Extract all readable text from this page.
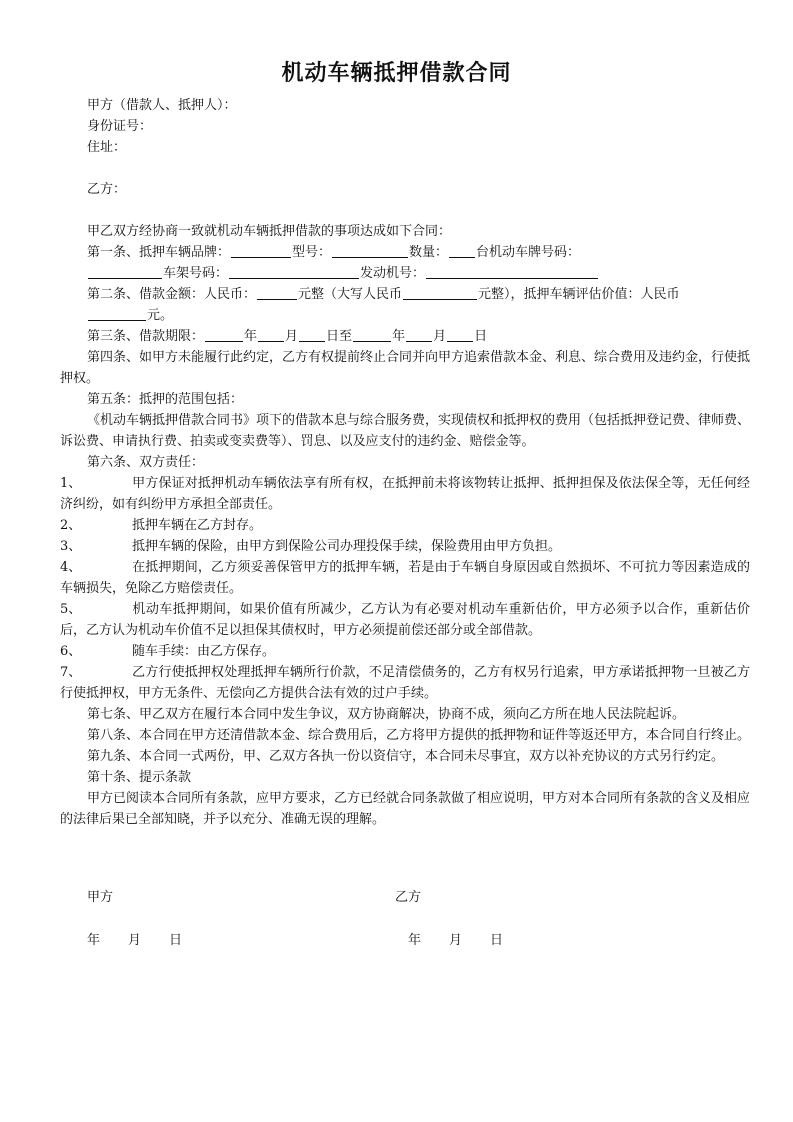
机动车辆抵押借款合同
甲方（借款人、抵押人）：
身份证号：
住址：
乙方：
甲乙双方经协商一致就机动车辆抵押借款的事项达成如下合同：
第一条、抵押车辆品牌：	型号：	数量： 台机动车牌号码：
车架号码：	发动机号：
第二条、借款金额：人民币：	元整（大写人民币	元整），抵押车辆评估价值：人民币
元。
第三条、借款期限：	年 月 日至	年 月 日
第四条、如甲方未能履行此约定，乙方有权提前终止合同并向甲方追索借款本金、利息、综合费用及违约金，行使抵押权。
第五条：抵押的范围包括：
《机动车辆抵押借款合同书》项下的借款本息与综合服务费，实现债权和抵押权的费用（包括抵押登记费、律师费、诉讼费、申请执行费、拍卖或变卖费等）、罚息、以及应支付的违约金、赔偿金等。
第六条、双方责任：
1、	甲方保证对抵押机动车辆依法享有所有权，在抵押前未将该物转让抵押、抵押担保及依法保全等，无任何经济纠纷，如有纠纷甲方承担全部责任。
2、	抵押车辆在乙方封存。
3、	抵押车辆的保险，由甲方到保险公司办理投保手续，保险费用由甲方负担。
4、	在抵押期间，乙方须妥善保管甲方的抵押车辆，若是由于车辆自身原因或自然损坏、不可抗力等因素造成的车辆损失，免除乙方赔偿责任。
5、	机动车抵押期间，如果价值有所减少，乙方认为有必要对机动车重新估价，甲方必须予以合作，重新估价后，乙方认为机动车价值不足以担保其债权时，甲方必须提前偿还部分或全部借款。
6、	随车手续：由乙方保存。
7、	乙方行使抵押权处理抵押车辆所行价款，不足清偿债务的，乙方有权另行追索，甲方承诺抵押物一旦被乙方行使抵押权，甲方无条件、无偿向乙方提供合法有效的过户手续。
第七条、甲乙双方在履行本合同中发生争议，双方协商解决，协商不成，须向乙方所在地人民法院起诉。
第八条、本合同在甲方还清借款本金、综合费用后，乙方将甲方提供的抵押物和证件等返还甲方，本合同自行终止。
第九条、本合同一式两份，甲、乙双方各执一份以资信守，本合同未尽事宜，双方以补充协议的方式另行约定。
第十条、提示条款
甲方已阅读本合同所有条款，应甲方要求，乙方已经就合同条款做了相应说明，甲方对本合同所有条款的含义及相应的法律后果已全部知晓，并予以充分、准确无误的理解。
甲方	乙方
年 月 日	年 月 日
